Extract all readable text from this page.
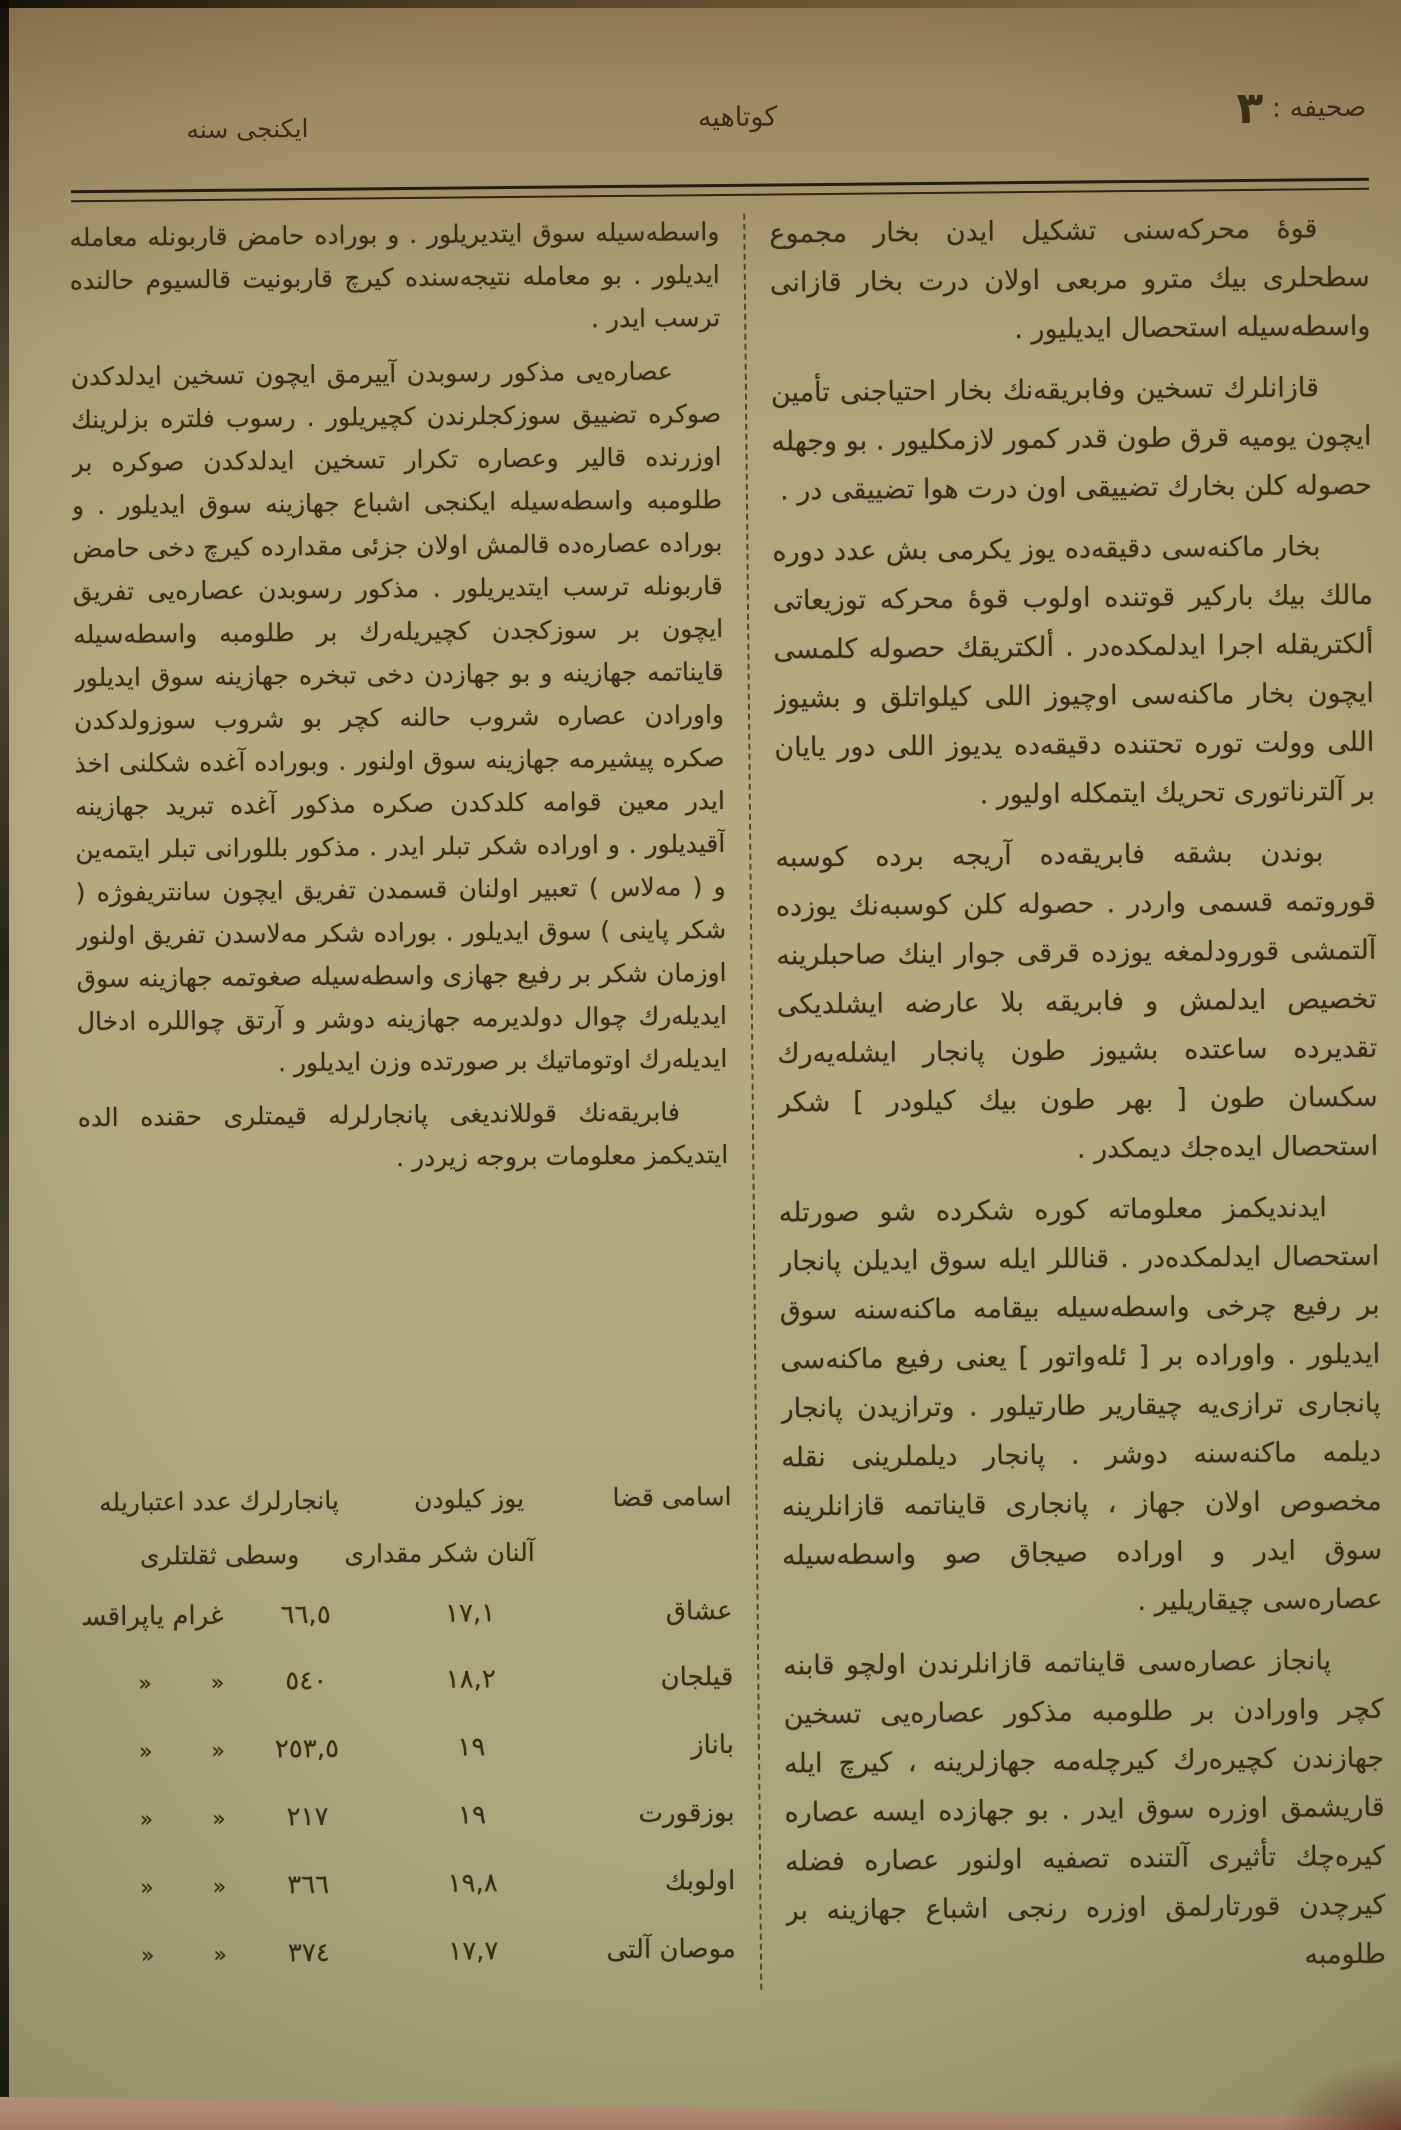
صحيفه : ٣
كوتاهيه
ايكنجى سنه

قوهٔ محركه‌سنى تشكيل ايدن بخار مجموع سطحلرى بيك مترو مربعى اولان درت بخار قازانى واسطه‌سيله استحصال ايديليور .

قازانلرك تسخين وفابريقه‌نك بخار احتياجنى تأمين ايچون يوميه قرق طون قدر كمور لازمكليور . بو وجهله حصوله كلن بخارك تضييقى اون درت هوا تضييقى در .

بخار ماكنه‌سى دقيقه‌ده يوز يكرمى بش عدد دوره مالك بيك باركير قوتنده اولوب قوهٔ محركه توزيعاتى ألكتريقله اجرا ايدلمكده‌در . ألكتريقك حصوله كلمسى ايچون بخار ماكنه‌سى اوچيوز اللى كيلواتلق و بشيوز اللى وولت توره تحتنده دقيقه‌ده يديوز اللى دور يايان بر آلترناتورى تحريك ايتمكله اوليور .

بوندن بشقه فابريقه‌ده آريجه برده كوسبه قوروتمه قسمى واردر . حصوله كلن كوسبه‌نك يوزده آلتمشى قورودلمغه يوزده قرقى جوار اينك صاحبلرينه تخصيص ايدلمش و فابريقه بلا عارضه ايشلديكى تقديرده ساعتده بشيوز طون پانجار ايشله‌يه‌رك سكسان طون [ بهر طون بيك كيلودر ] شكر استحصال ايده‌جك ديمكدر .

ايدنديكمز معلوماته كوره شكرده شو صورتله استحصال ايدلمكده‌در . قناللر ايله سوق ايديلن پانجار بر رفيع چرخى واسطه‌سيله بيقامه ماكنه‌سنه سوق ايديلور . واوراده بر [ ئله‌واتور ] يعنى رفيع ماكنه‌سى پانجارى ترازى‌يه چيقارير طارتيلور . وترازيدن پانجار ديلمه ماكنه‌سنه دوشر . پانجار ديلملرينى نقله مخصوص اولان جهاز ، پانجارى قايناتمه قازانلرينه سوق ايدر و اوراده صيجاق صو واسطه‌سيله عصاره‌سى چيقاريلير .

پانجاز عصاره‌سى قايناتمه قازانلرندن اولچو قابنه كچر واورادن بر طلومبه مذكور عصاره‌يى تسخين جهازندن كچيره‌رك كيرچله‌مه جهازلرينه ، كيرچ ايله قاريشمق اوزره سوق ايدر . بو جهازده ايسه عصاره كيره‌چك تأثيرى آلتنده تصفيه اولنور عصاره فضله كيرچدن قورتارلمق اوزره رنجى اشباع جهازينه بر طلومبه

واسطه‌سيله سوق ايتديريلور . و بوراده حامض قاربونله معامله ايديلور . بو معامله نتيجه‌سنده كيرچ قاربونيت قالسيوم حالنده ترسب ايدر .

عصاره‌يى مذكور رسوبدن آييرمق ايچون تسخين ايدلدكدن صوكره تضييق سوزكجلرندن كچيريلور . رسوب فلتره بزلرينك اوزرنده قالير وعصاره تكرار تسخين ايدلدكدن صوكره بر طلومبه واسطه‌سيله ايكنجى اشباع جهازينه سوق ايديلور . و بوراده عصاره‌ده قالمش اولان جزئى مقدارده كيرچ دخى حامض قاربونله ترسب ايتديريلور . مذكور رسوبدن عصاره‌يى تفريق ايچون بر سوزكجدن كچيريله‌رك بر طلومبه واسطه‌سيله قايناتمه جهازينه و بو جهازدن دخى تبخره جهازينه سوق ايديلور واورادن عصاره شروب حالنه كچر بو شروب سوزولدكدن صكره پيشيرمه جهازينه سوق اولنور . وبوراده آغده شكلنى اخذ ايدر معين قوامه كلدكدن صكره مذكور آغده تبريد جهازينه آقيديلور . و اوراده شكر تبلر ايدر . مذكور بللورانى تبلر ايتمه‌ين و ( مه‌لاس ) تعبير اولنان قسمدن تفريق ايچون سانتريفوژه ( شكر پاينى ) سوق ايديلور . بوراده شكر مه‌لاسدن تفريق اولنور اوزمان شكر بر رفيع جهازى واسطه‌سيله صغوتمه جهازينه سوق ايديله‌رك چوال دولديرمه جهازينه دوشر و آرتق چواللره ادخال ايديله‌رك اوتوماتيك بر صورتده وزن ايديلور .

فابريقه‌نك قوللانديغى پانجارلرله قيمتلرى حقنده الده ايتديكمز معلومات بروجه زيردر .

اسامى قضا
يوز كيلودن
پانجارلرك عدد اعتباريله
آلنان شكر مقدارى
وسطى ثقلتلرى
عشاق
١٧,١
٦٦,٥
غرام ياپراقسز
قيلجان
١٨,٢
٥٤٠
« «
باناز
١٩
٢٥٣,٥
« «
بوزقورت
١٩
٢١٧
« «
اولوبك
١٩,٨
٣٦٦
« «
موصان آلتى
١٧,٧
٣٧٤
« «
